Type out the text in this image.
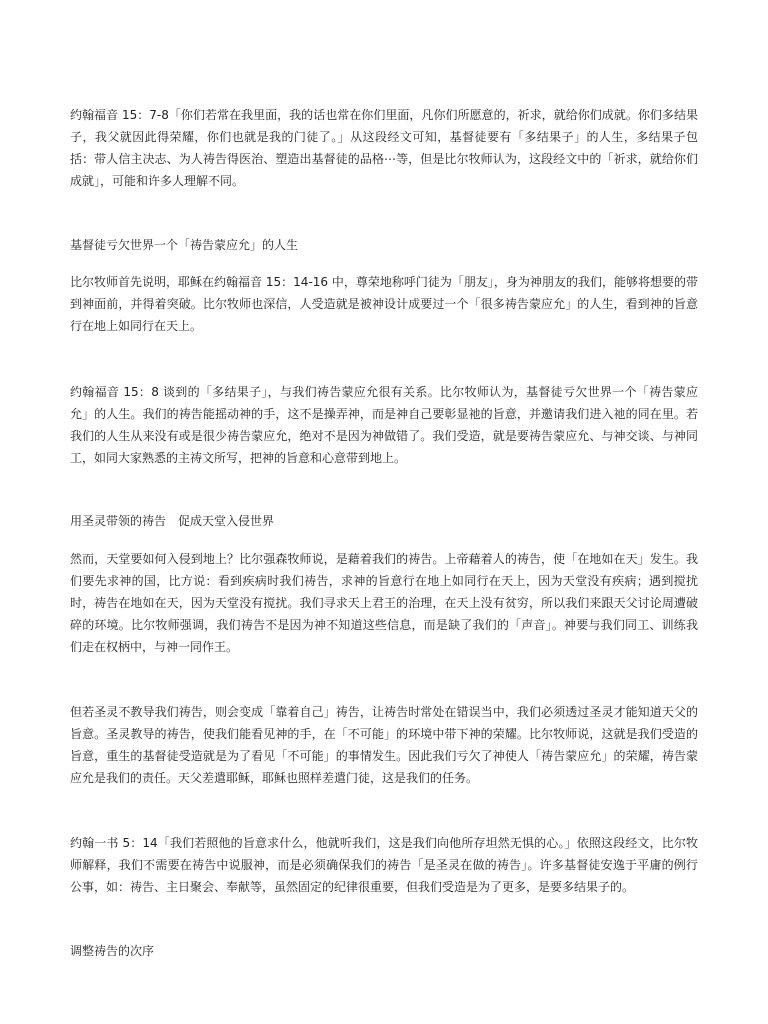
约翰福音 15：7-8「你们若常在我里面，我的话也常在你们里面，凡你们所愿意的，祈求，就给你们成就。你们多结果子，我父就因此得荣耀，你们也就是我的门徒了。」从这段经文可知，基督徒要有「多结果子」的人生，多结果子包括：带人信主决志、为人祷告得医治、塑造出基督徒的品格⋯等，但是比尔牧师认为，这段经文中的「祈求，就给你们成就」，可能和许多人理解不同。

基督徒亏欠世界一个「祷告蒙应允」的人生

比尔牧师首先说明，耶稣在约翰福音 15：14-16 中，尊荣地称呼门徒为「朋友」，身为神朋友的我们，能够将想要的带到神面前，并得着突破。比尔牧师也深信，人受造就是被神设计成要过一个「很多祷告蒙应允」的人生，看到神的旨意行在地上如同行在天上。

约翰福音 15：8 谈到的「多结果子」，与我们祷告蒙应允很有关系。比尔牧师认为，基督徒亏欠世界一个「祷告蒙应允」的人生。我们的祷告能摇动神的手，这不是操弄神，而是神自己要彰显祂的旨意，并邀请我们进入祂的同在里。若我们的人生从来没有或是很少祷告蒙应允，绝对不是因为神做错了。我们受造，就是要祷告蒙应允、与神交谈、与神同工，如同大家熟悉的主祷文所写，把神的旨意和心意带到地上。

用圣灵带领的祷告　促成天堂入侵世界

然而，天堂要如何入侵到地上？比尔强森牧师说，是藉着我们的祷告。上帝藉着人的祷告，使「在地如在天」发生。我们要先求神的国，比方说：看到疾病时我们祷告，求神的旨意行在地上如同行在天上，因为天堂没有疾病；遇到搅扰时，祷告在地如在天，因为天堂没有搅扰。我们寻求天上君王的治理，在天上没有贫穷，所以我们来跟天父讨论周遭破碎的环境。比尔牧师强调，我们祷告不是因为神不知道这些信息，而是缺了我们的「声音」。神要与我们同工、训练我们走在权柄中，与神一同作王。

但若圣灵不教导我们祷告，则会变成「靠着自己」祷告，让祷告时常处在错误当中，我们必须透过圣灵才能知道天父的旨意。圣灵教导的祷告，使我们能看见神的手，在「不可能」的环境中带下神的荣耀。比尔牧师说，这就是我们受造的旨意，重生的基督徒受造就是为了看见「不可能」的事情发生。因此我们亏欠了神使人「祷告蒙应允」的荣耀，祷告蒙应允是我们的责任。天父差遣耶稣，耶稣也照样差遣门徒，这是我们的任务。

约翰一书 5：14「我们若照他的旨意求什么，他就听我们，这是我们向他所存坦然无惧的心。」依照这段经文，比尔牧师解释，我们不需要在祷告中说服神，而是必须确保我们的祷告「是圣灵在做的祷告」。许多基督徒安逸于平庸的例行公事，如：祷告、主日聚会、奉献等，虽然固定的纪律很重要，但我们受造是为了更多，是要多结果子的。

调整祷告的次序
